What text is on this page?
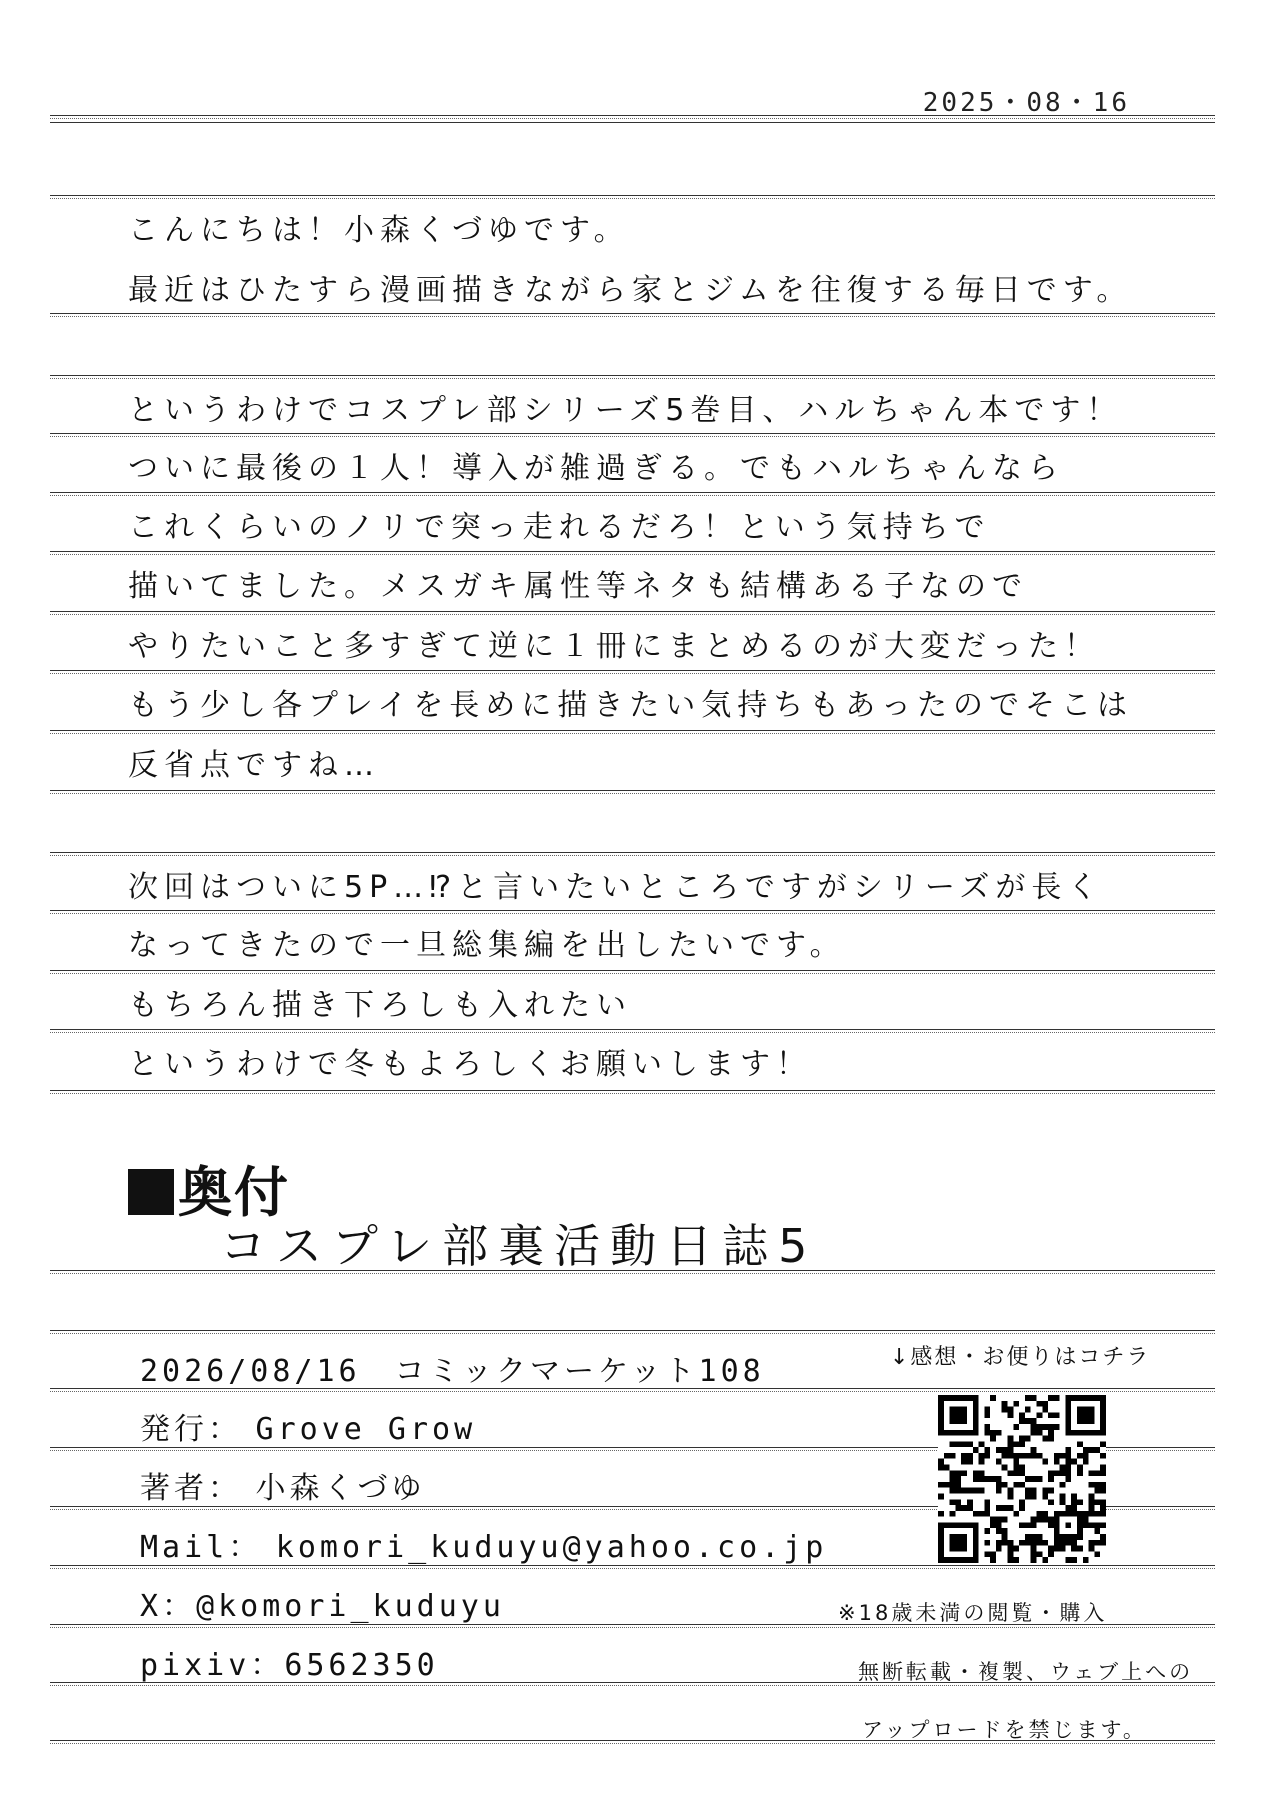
2025・08・16
こんにちは！小森くづゆです。
最近はひたすら漫画描きながら家とジムを往復する毎日です。
というわけでコスプレ部シリーズ5巻目、ハルちゃん本です！
ついに最後の１人！導入が雑過ぎる。でもハルちゃんなら
これくらいのノリで突っ走れるだろ！という気持ちで
描いてました。メスガキ属性等ネタも結構ある子なので
やりたいこと多すぎて逆に１冊にまとめるのが大変だった！
もう少し各プレイを長めに描きたい気持ちもあったのでそこは
反省点ですね…
次回はついに5P…⁉と言いたいところですがシリーズが長く
なってきたので一旦総集編を出したいです。
もちろん描き下ろしも入れたい
というわけで冬もよろしくお願いします！
奥付
コスプレ部裏活動日誌5
2026/08/16　コミックマーケット108
発行： Grove Grow
著者： 小森くづゆ
Mail： komori_kuduyu@yahoo.co.jp
X：@komori_kuduyu
pixiv：6562350
↓感想・お便りはコチラ
※18歳未満の閲覧・購入
無断転載・複製、ウェブ上への
アップロードを禁じます。
